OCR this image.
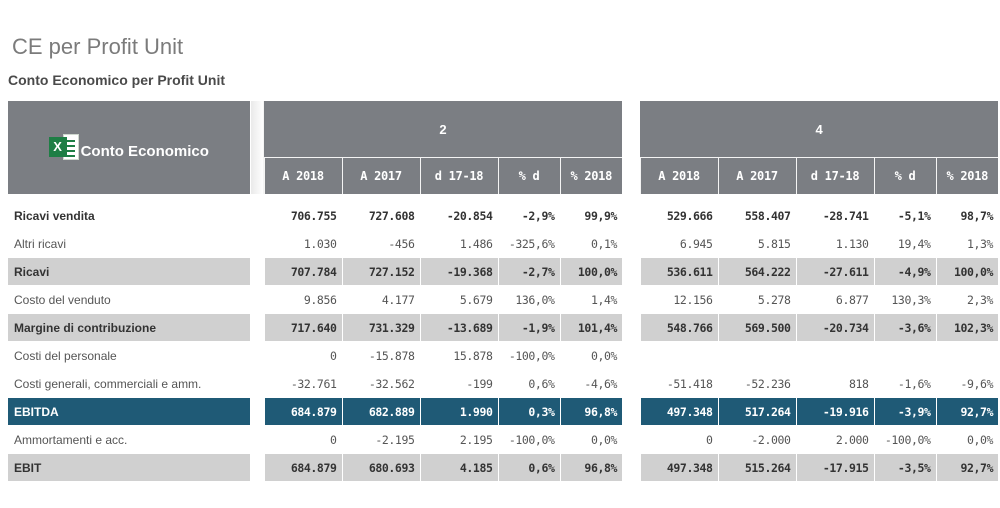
CE per Profit Unit
Conto Economico per Profit Unit
X Conto Economico		2						4				
		A 2018	A 2017	d 17-18	% d	% 2018		A 2018	A 2017	d 17-18	% d	% 2018
Ricavi vendita		706.755	727.608	-20.854	-2,9%	99,9%		529.666	558.407	-28.741	-5,1%	98,7%
Altri ricavi		1.030	-456	1.486	-325,6%	0,1%		6.945	5.815	1.130	19,4%	1,3%
Ricavi		707.784	727.152	-19.368	-2,7%	100,0%		536.611	564.222	-27.611	-4,9%	100,0%
Costo del venduto		9.856	4.177	5.679	136,0%	1,4%		12.156	5.278	6.877	130,3%	2,3%
Margine di contribuzione		717.640	731.329	-13.689	-1,9%	101,4%		548.766	569.500	-20.734	-3,6%	102,3%
Costi del personale		0	-15.878	15.878	-100,0%	0,0%						
Costi generali, commerciali e amm.		-32.761	-32.562	-199	0,6%	-4,6%		-51.418	-52.236	818	-1,6%	-9,6%
EBITDA		684.879	682.889	1.990	0,3%	96,8%		497.348	517.264	-19.916	-3,9%	92,7%
Ammortamenti e acc.		0	-2.195	2.195	-100,0%	0,0%		0	-2.000	2.000	-100,0%	0,0%
EBIT		684.879	680.693	4.185	0,6%	96,8%		497.348	515.264	-17.915	-3,5%	92,7%
